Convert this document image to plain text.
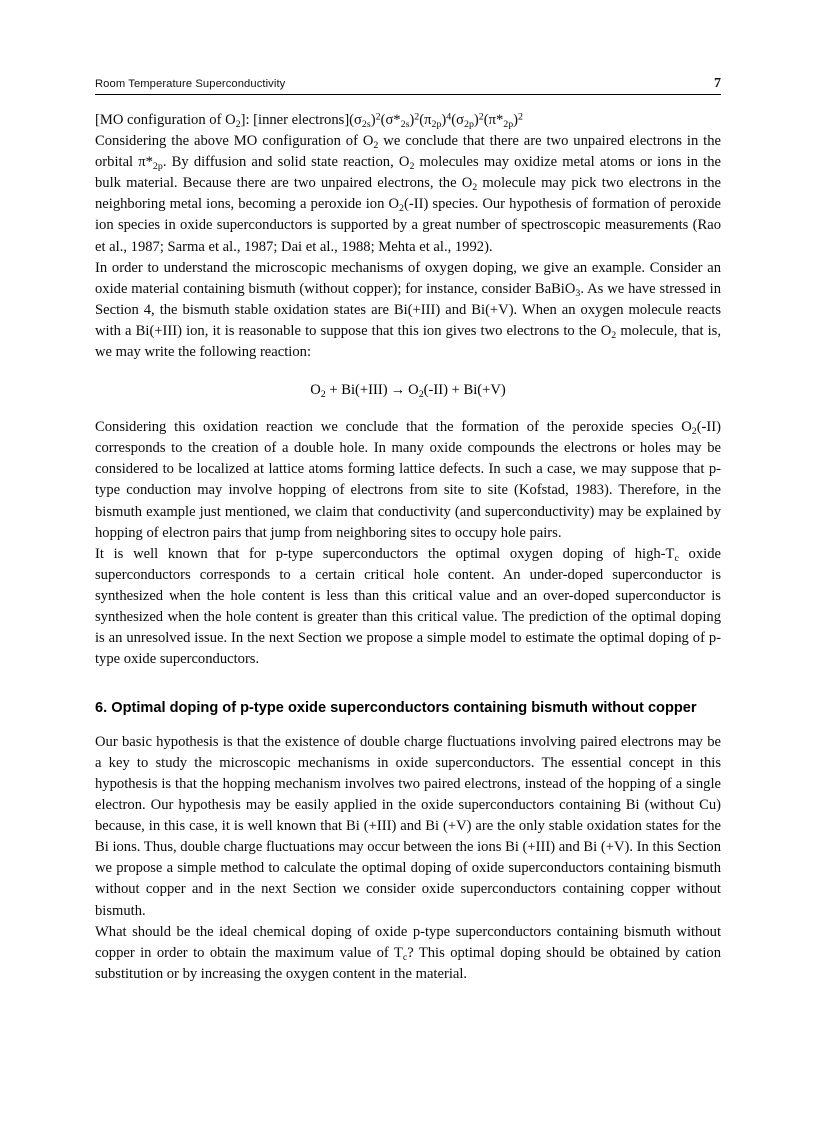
Room Temperature Superconductivity	7

[MO configuration of $O_2$]: [inner $electrons](\sigma_{2s})^2(\sigma*_{2s})^2(\pi_{2p})^4(\sigma_{2p})^2(\pi*_{2p})^2$

Considering the above MO configuration of $O_2$ we conclude that there are two unpaired electrons in the orbital $\pi*_{2p}$. By diffusion and solid state reaction, $O_2$ molecules may oxidize metal atoms or ions in the bulk material. Because there are two unpaired electrons, the $O_2$ molecule may pick two electrons in the neighboring metal ions, becoming a peroxide ion $O_2(-II)$ species. Our hypothesis of formation of peroxide ion species in oxide superconductors is supported by a great number of spectroscopic measurements (Rao et al., 1987; Sarma et al., 1987; Dai et al., 1988; Mehta et al., 1992).

In order to understand the microscopic mechanisms of oxygen doping, we give an example. Consider an oxide material containing bismuth (without copper); for instance, consider BaBiO$_3$. As we have stressed in Section 4, the bismuth stable oxidation states are Bi(+III) and Bi(+V). When an oxygen molecule reacts with a Bi(+III) ion, it is reasonable to suppose that this ion gives two electrons to the $O_2$ molecule, that is, we may write the following reaction:

$O_2 + Bi(+III) \to O_2(-II) + Bi(+V)$

Considering this oxidation reaction we conclude that the formation of the peroxide species $O_2(-II)$ corresponds to the creation of a double hole. In many oxide compounds the electrons or holes may be considered to be localized at lattice atoms forming lattice defects. In such a case, we may suppose that p-type conduction may involve hopping of electrons from site to site (Kofstad, 1983). Therefore, in the bismuth example just mentioned, we claim that conductivity (and superconductivity) may be explained by hopping of electron pairs that jump from neighboring sites to occupy hole pairs.

It is well known that for p-type superconductors the optimal oxygen doping of high-$T_c$ oxide superconductors corresponds to a certain critical hole content. An under-doped superconductor is synthesized when the hole content is less than this critical value and an over-doped superconductor is synthesized when the hole content is greater than this critical value. The prediction of the optimal doping is an unresolved issue. In the next Section we propose a simple model to estimate the optimal doping of p-type oxide superconductors.

6. Optimal doping of p-type oxide superconductors containing bismuth without copper

Our basic hypothesis is that the existence of double charge fluctuations involving paired electrons may be a key to study the microscopic mechanisms in oxide superconductors. The essential concept in this hypothesis is that the hopping mechanism involves two paired electrons, instead of the hopping of a single electron. Our hypothesis may be easily applied in the oxide superconductors containing Bi (without Cu) because, in this case, it is well known that Bi (+III) and Bi (+V) are the only stable oxidation states for the Bi ions. Thus, double charge fluctuations may occur between the ions Bi (+III) and Bi (+V). In this Section we propose a simple method to calculate the optimal doping of oxide superconductors containing bismuth without copper and in the next Section we consider oxide superconductors containing copper without bismuth.

What should be the ideal chemical doping of oxide p-type superconductors containing bismuth without copper in order to obtain the maximum value of $T_c$? This optimal doping should be obtained by cation substitution or by increasing the oxygen content in the material.
